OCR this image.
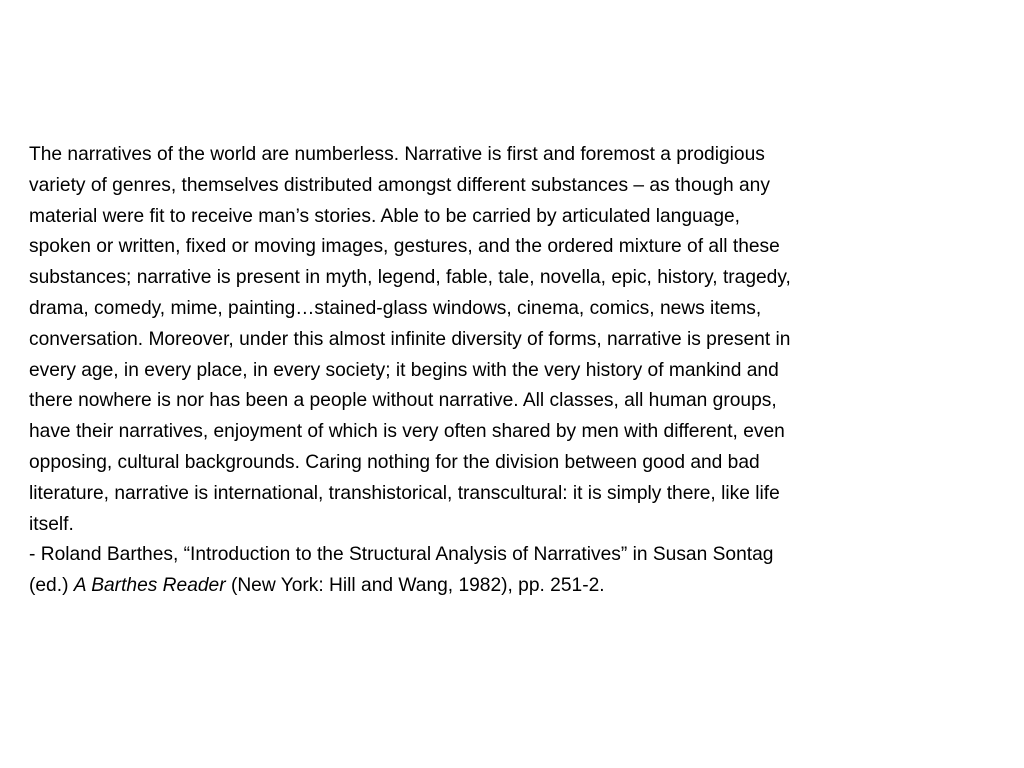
The narratives of the world are numberless. Narrative is first and foremost a prodigious
variety of genres, themselves distributed amongst different substances – as though any
material were fit to receive man’s stories. Able to be carried by articulated language,
spoken or written, fixed or moving images, gestures, and the ordered mixture of all these
substances; narrative is present in myth, legend, fable, tale, novella, epic, history, tragedy,
drama, comedy, mime, painting…stained-glass windows, cinema, comics, news items,
conversation. Moreover, under this almost infinite diversity of forms, narrative is present in
every age, in every place, in every society; it begins with the very history of mankind and
there nowhere is nor has been a people without narrative. All classes, all human groups,
have their narratives, enjoyment of which is very often shared by men with different, even
opposing, cultural backgrounds. Caring nothing for the division between good and bad
literature, narrative is international, transhistorical, transcultural: it is simply there, like life
itself.

- Roland Barthes, “Introduction to the Structural Analysis of Narratives” in Susan Sontag
(ed.) A Barthes Reader (New York: Hill and Wang, 1982), pp. 251-2.
